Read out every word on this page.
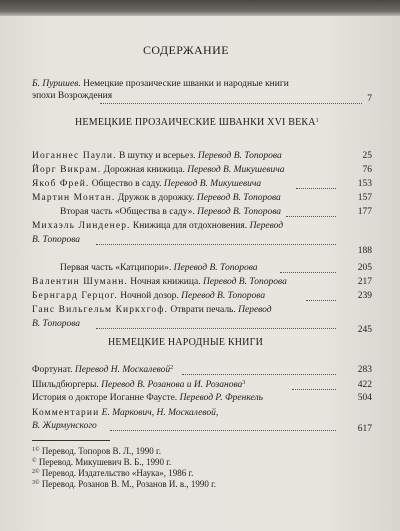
СОДЕРЖАНИЕ
Б. Пуришев. Немецкие прозаические шванки и народные книги
эпохи Возрождения	7
НЕМЕЦКИЕ ПРОЗАИЧЕСКИЕ ШВАНКИ XVI ВЕКА$^1$
Иоганнес Паули. В шутку и всерьез. Перевод В. Топорова	25
Йорг Викрам. Дорожная книжица. Перевод В. Микушевича	76
Якоб Фрей. Общество в саду. Перевод В. Микушевича	153
Мартин Монтан. Дружок в дорожку. Перевод В. Топорова	157
Вторая часть «Общества в саду». Перевод В. Топорова	177
Михаэль Линденер. Книжица для отдохновения. Перевод
В. Топорова
188
Первая часть «Катципори». Перевод В. Топорова	205
Валентин Шуманн. Ночная книжица. Перевод В. Топорова	217
Бернгард Герцог. Ночной дозор. Перевод В. Топорова	239
Ганс Вильгельм Киркхгоф. Отврати печаль. Перевод
В. Топорова
245
НЕМЕЦКИЕ НАРОДНЫЕ КНИГИ
Фортунат. Перевод Н. Москалевой$^2$	283
Шильдбюргеры. Перевод В. Розанова и И. Розанова$^3$	422
История о докторе Иоганне Фаусте. Перевод Р. Френкель	504
Комментарии Е. Маркович, Н. Москалевой,
В. Жирмунского	617
$^{1©}$ Перевод. Топоров В. Л., 1990 г.
© Перевод. Микушевич В. Б., 1990 г.
$^{2©}$ Перевод. Издательство «Наука», 1986 г.
$^{3©}$ Перевод. Розанов В. М., Розанов И. в., 1990 г.
